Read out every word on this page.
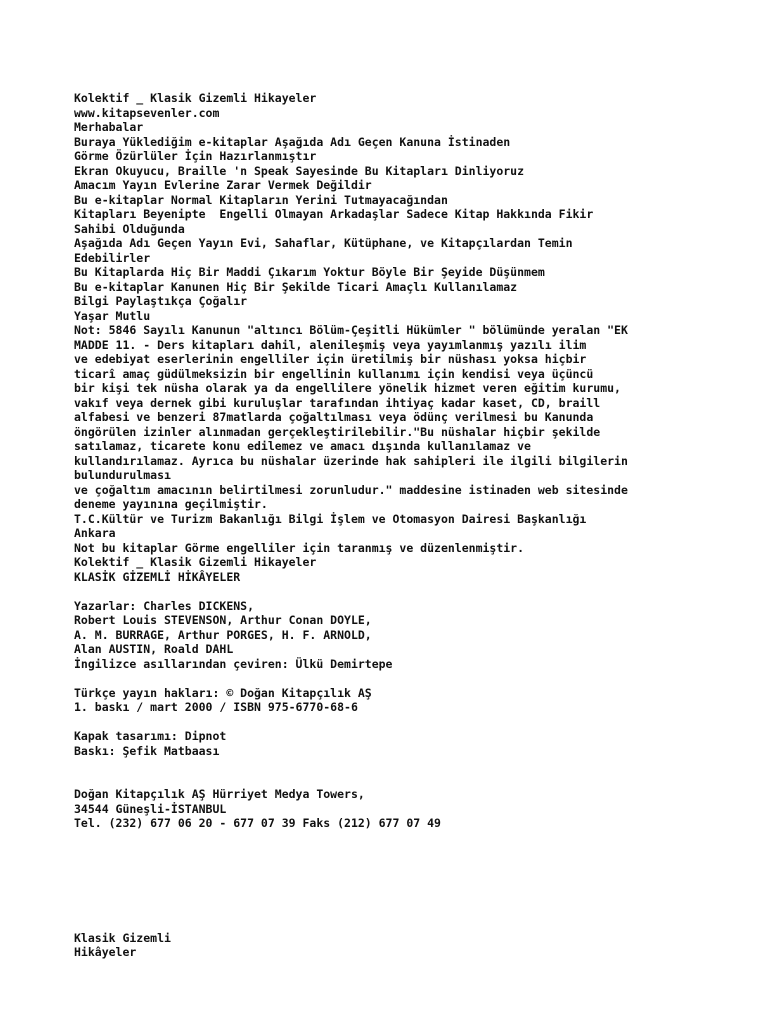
Kolektif _ Klasik Gizemli Hikayeler
www.kitapsevenler.com
Merhabalar
Buraya Yüklediğim e-kitaplar Aşağıda Adı Geçen Kanuna İstinaden
Görme Özürlüler İçin Hazırlanmıştır
Ekran Okuyucu, Braille 'n Speak Sayesinde Bu Kitapları Dinliyoruz
Amacım Yayın Evlerine Zarar Vermek Değildir
Bu e-kitaplar Normal Kitapların Yerini Tutmayacağından
Kitapları Beyenipte  Engelli Olmayan Arkadaşlar Sadece Kitap Hakkında Fikir
Sahibi Olduğunda
Aşağıda Adı Geçen Yayın Evi, Sahaflar, Kütüphane, ve Kitapçılardan Temin
Edebilirler
Bu Kitaplarda Hiç Bir Maddi Çıkarım Yoktur Böyle Bir Şeyide Düşünmem
Bu e-kitaplar Kanunen Hiç Bir Şekilde Ticari Amaçlı Kullanılamaz
Bilgi Paylaştıkça Çoğalır
Yaşar Mutlu
Not: 5846 Sayılı Kanunun "altıncı Bölüm-Çeşitli Hükümler " bölümünde yeralan "EK
MADDE 11. - Ders kitapları dahil, alenileşmiş veya yayımlanmış yazılı ilim
ve edebiyat eserlerinin engelliler için üretilmiş bir nüshası yoksa hiçbir
ticarî amaç güdülmeksizin bir engellinin kullanımı için kendisi veya üçüncü
bir kişi tek nüsha olarak ya da engellilere yönelik hizmet veren eğitim kurumu,
vakıf veya dernek gibi kuruluşlar tarafından ihtiyaç kadar kaset, CD, braill
alfabesi ve benzeri 87matlarda çoğaltılması veya ödünç verilmesi bu Kanunda
öngörülen izinler alınmadan gerçekleştirilebilir."Bu nüshalar hiçbir şekilde
satılamaz, ticarete konu edilemez ve amacı dışında kullanılamaz ve
kullandırılamaz. Ayrıca bu nüshalar üzerinde hak sahipleri ile ilgili bilgilerin
bulundurulması
ve çoğaltım amacının belirtilmesi zorunludur." maddesine istinaden web sitesinde
deneme yayınına geçilmiştir.
T.C.Kültür ve Turizm Bakanlığı Bilgi İşlem ve Otomasyon Dairesi Başkanlığı
Ankara
Not bu kitaplar Görme engelliler için taranmış ve düzenlenmiştir.
Kolektif _ Klasik Gizemli Hikayeler
KLASİK GİZEMLİ HİKÂYELER
Yazarlar: Charles DICKENS,
Robert Louis STEVENSON, Arthur Conan DOYLE,
A. M. BURRAGE, Arthur PORGES, H. F. ARNOLD,
Alan AUSTIN, Roald DAHL
İngilizce asıllarından çeviren: Ülkü Demirtepe
Türkçe yayın hakları: © Doğan Kitapçılık AŞ
1. baskı / mart 2000 / ISBN 975-6770-68-6
Kapak tasarımı: Dipnot
Baskı: Şefik Matbaası
Doğan Kitapçılık AŞ Hürriyet Medya Towers,
34544 Güneşli-İSTANBUL
Tel. (232) 677 06 20 - 677 07 39 Faks (212) 677 07 49
Klasik Gizemli
Hikâyeler
